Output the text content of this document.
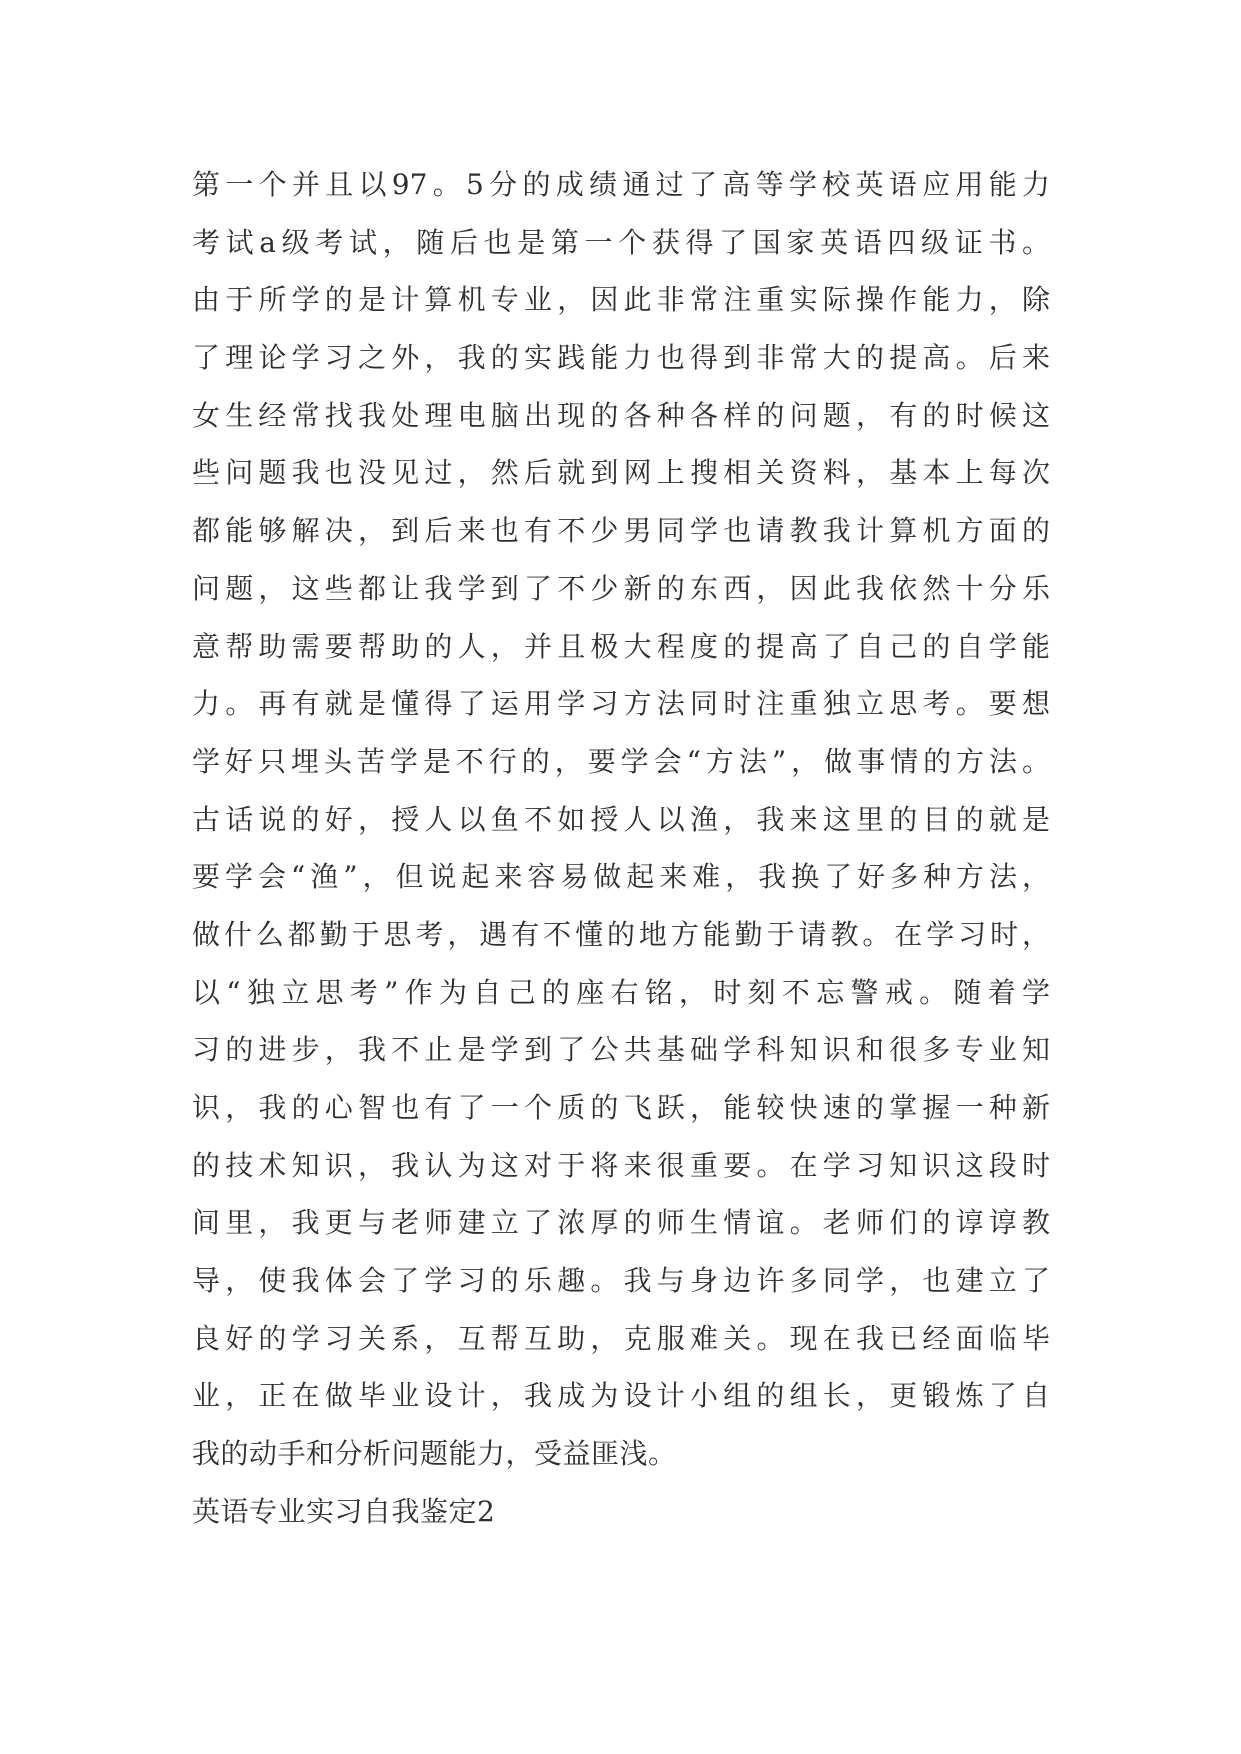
第一个并且以97。5分的成绩通过了高等学校英语应用能力
考试a级考试，随后也是第一个获得了国家英语四级证书。
由于所学的是计算机专业，因此非常注重实际操作能力，除
了理论学习之外，我的实践能力也得到非常大的提高。后来
女生经常找我处理电脑出现的各种各样的问题，有的时候这
些问题我也没见过，然后就到网上搜相关资料，基本上每次
都能够解决，到后来也有不少男同学也请教我计算机方面的
问题，这些都让我学到了不少新的东西，因此我依然十分乐
意帮助需要帮助的人，并且极大程度的提高了自己的自学能
力。再有就是懂得了运用学习方法同时注重独立思考。要想
学好只埋头苦学是不行的，要学会“方法”，做事情的方法。
古话说的好，授人以鱼不如授人以渔，我来这里的目的就是
要学会“渔”，但说起来容易做起来难，我换了好多种方法，
做什么都勤于思考，遇有不懂的地方能勤于请教。在学习时，
以“独立思考”作为自己的座右铭，时刻不忘警戒。随着学
习的进步，我不止是学到了公共基础学科知识和很多专业知
识，我的心智也有了一个质的飞跃，能较快速的掌握一种新
的技术知识，我认为这对于将来很重要。在学习知识这段时
间里，我更与老师建立了浓厚的师生情谊。老师们的谆谆教
导，使我体会了学习的乐趣。我与身边许多同学，也建立了
良好的学习关系，互帮互助，克服难关。现在我已经面临毕
业，正在做毕业设计，我成为设计小组的组长，更锻炼了自
我的动手和分析问题能力，受益匪浅。
英语专业实习自我鉴定2
